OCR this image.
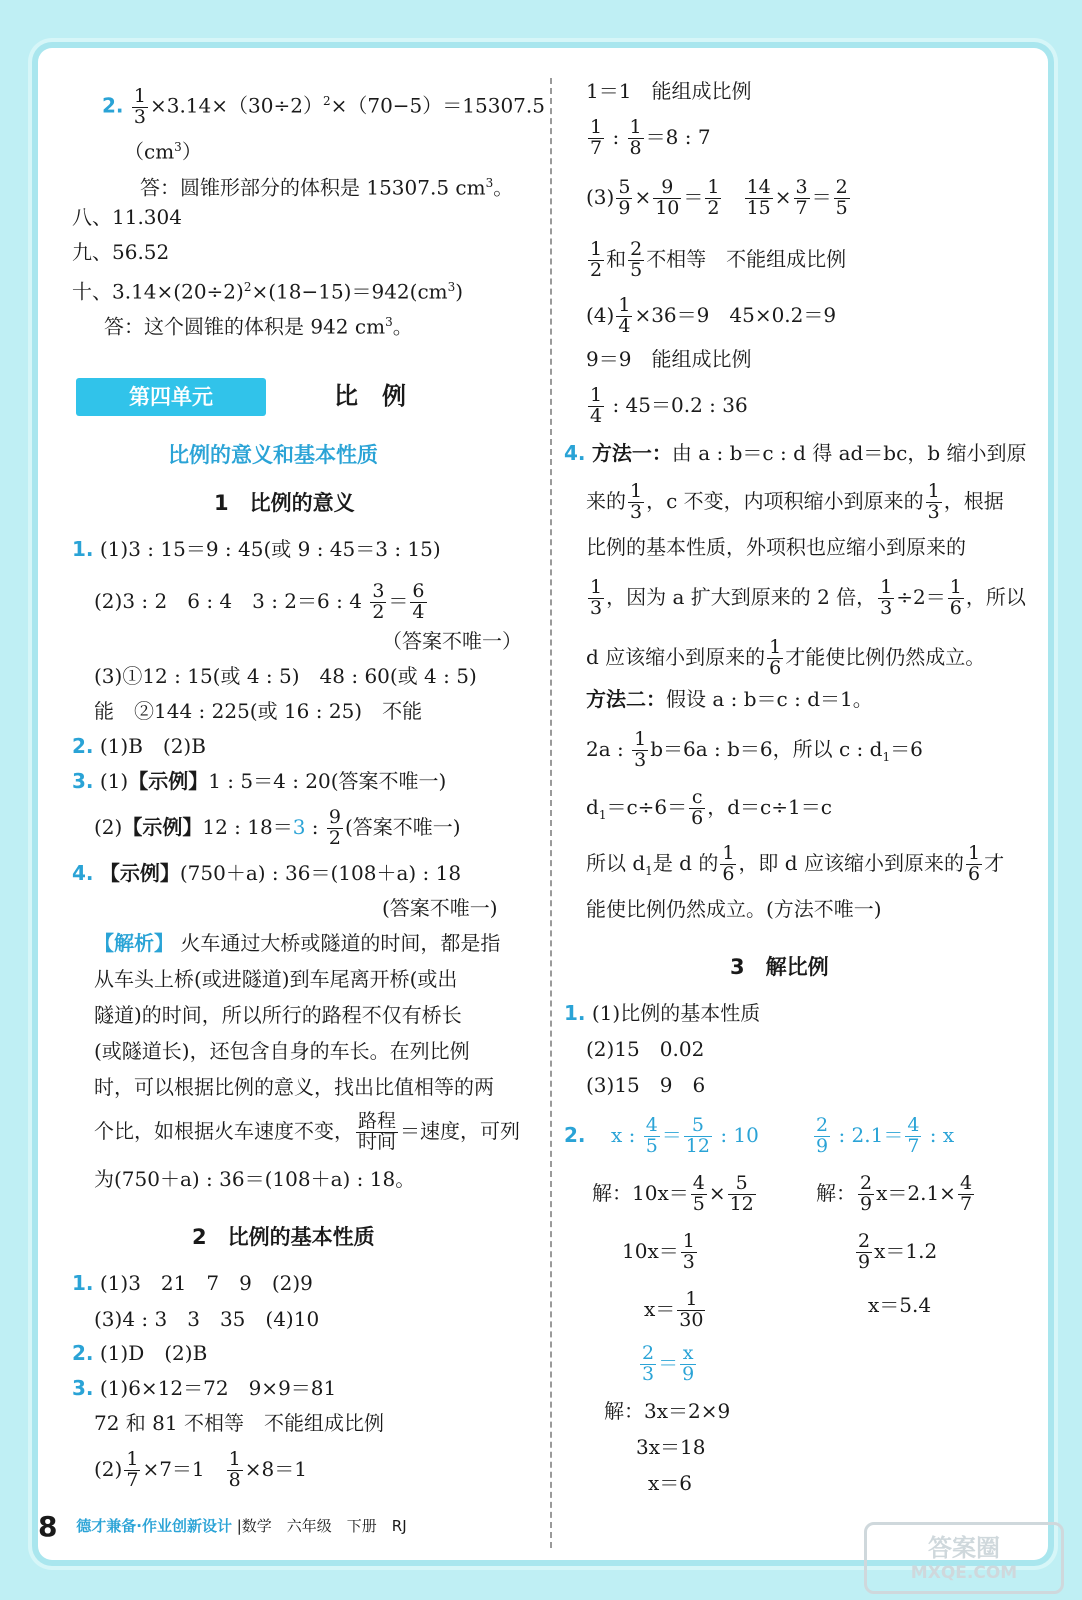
2. $\frac{1}{3} \times 3.14\times(30\div 2)^2\times(70-5)=15307.5$
$(cm^3)$
答：圆锥形部分的体积是 15307.5 $cm^3$。
八、11.304
九、56.52
十、$3.14\times(20\div 2)^2\times(18-15)=942(cm^3)$
答：这个圆锥的体积是 942 $cm^3$。
第四单元	比　例
比例的意义和基本性质
1　比例的意义
1. (1)3 : 15＝9 : 45(或 9 : 45＝3 : 15)
(2)3 : 2　6 : 4　3 : 2＝6 : $4 \frac{3}{2} = \frac{6}{4}$
（答案不唯一）
(3)①12 : 15(或 4 : 5)　48 : 60(或 4 : 5)
能　②144 : 225(或 16 : 25)　不能
2. (1)B　(2)B
3. (1)【示例】1 : 5＝4 : 20(答案不唯一)
(2)【示例】12 : 18＝3 : $\frac{9}{2}$ (答案不唯一)
4. 【示例】(750＋a) : 36＝(108＋a) : 18
(答案不唯一)
【解析】 火车通过大桥或隧道的时间，都是指
从车头上桥(或进隧道)到车尾离开桥(或出
隧道)的时间，所以所行的路程不仅有桥长
(或隧道长)，还包含自身的车长。在列比例
时，可以根据比例的意义，找出比值相等的两
个比，如根据火车速度不变， $\frac{\text{路程}}{\text{时间}}$ ＝速度，可列
为(750＋a) : 36＝(108＋a) : 18。
2　比例的基本性质
1. (1)3　21　7　9　(2)9
(3)4 : 3　3　35　(4)10
2. (1)D　(2)B
3. (1)6×12＝72　9×9＝81
72 和 81 不相等　不能组成比例
$(2) \frac{1}{7} \times 7=1$　 $\frac{1}{8} \times 8=1$
1＝1　能组成比例
$\frac{1}{7}$ : $\frac{1}{8} =8$ : 7
$(3) \frac{5}{9} \times \frac{9}{10} = \frac{1}{2}$
$\frac{14}{15} \times \frac{3}{7} = \frac{2}{5}$
$\frac{1}{2}$ 和 $\frac{2}{5}$ 不相等　不能组成比例
$(4) \frac{1}{4} \times 36=9$　45×0.2＝9
9＝9　能组成比例
$\frac{1}{4}$ : 45＝0.2 : 36
4. 方法一：由 a : b＝c : d 得 ad＝bc，b 缩小到原
来的 $\frac{1}{3}$ ，c 不变，内项积缩小到原来的 $\frac{1}{3}$ ，根据
比例的基本性质，外项积也应缩小到原来的
$\frac{1}{3}$ ，因为 a 扩大到原来的 2 倍， $\frac{1}{3} \div 2= \frac{1}{6}$ ，所以
d 应该缩小到原来的 $\frac{1}{6}$ 才能使比例仍然成立。
方法二：假设 a : b＝c : d＝1。
2a : $\frac{1}{3} b=6a$ : b＝6，所以 c : $d_1=6$
$d_1=c\div 6= \frac{c}{6}$ ，d＝c÷1＝c
所以 $d_1$是 d 的 $\frac{1}{6}$ ，即 d 应该缩小到原来的 $\frac{1}{6}$ 才
能使比例仍然成立。(方法不唯一)
3　解比例
1. (1)比例的基本性质
(2)15　0.02
(3)15　9　6
2. x : $\frac{4}{5} = \frac{5}{12}$ : 10	$\frac{2}{9}$ : $2.1= \frac{4}{7}$ : x
解：$10x= \frac{4}{5} \times \frac{5}{12}$
$10x= \frac{1}{3}$
$x= \frac{1}{30}$
解： $\frac{2}{9} x=2.1\times \frac{4}{7}$
$\frac{2}{9} x=1.2$
x＝5.4
$\frac{2}{3} = \frac{x}{9}$
解：3x＝2×9
3x＝18
x＝6
8 德才兼备·作业创新设计 |数学　六年级　下册　RJ
答案圈
MXQE.COM
